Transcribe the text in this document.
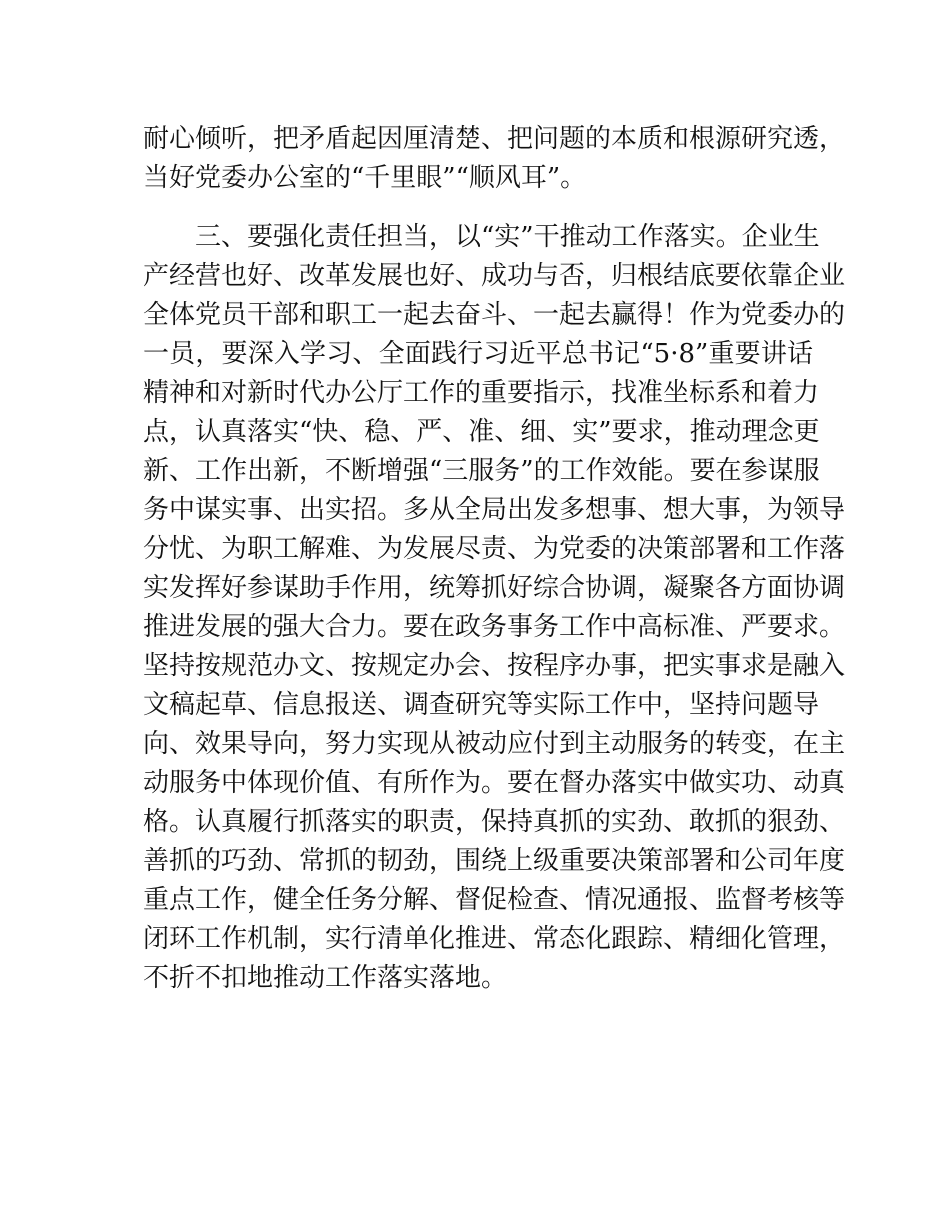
耐心倾听，把矛盾起因厘清楚、把问题的本质和根源研究透，
当好党委办公室的“千里眼”“顺风耳”。
三、要强化责任担当，以“实”干推动工作落实。企业生
产经营也好、改革发展也好、成功与否，归根结底要依靠企业
全体党员干部和职工一起去奋斗、一起去赢得！作为党委办的
一员，要深入学习、全面践行习近平总书记“5·8”重要讲话
精神和对新时代办公厅工作的重要指示，找准坐标系和着力
点，认真落实“快、稳、严、准、细、实”要求，推动理念更
新、工作出新，不断增强“三服务”的工作效能。要在参谋服
务中谋实事、出实招。多从全局出发多想事、想大事，为领导
分忧、为职工解难、为发展尽责、为党委的决策部署和工作落
实发挥好参谋助手作用，统筹抓好综合协调，凝聚各方面协调
推进发展的强大合力。要在政务事务工作中高标准、严要求。
坚持按规范办文、按规定办会、按程序办事，把实事求是融入
文稿起草、信息报送、调查研究等实际工作中，坚持问题导
向、效果导向，努力实现从被动应付到主动服务的转变，在主
动服务中体现价值、有所作为。要在督办落实中做实功、动真
格。认真履行抓落实的职责，保持真抓的实劲、敢抓的狠劲、
善抓的巧劲、常抓的韧劲，围绕上级重要决策部署和公司年度
重点工作，健全任务分解、督促检查、情况通报、监督考核等
闭环工作机制，实行清单化推进、常态化跟踪、精细化管理，
不折不扣地推动工作落实落地。
